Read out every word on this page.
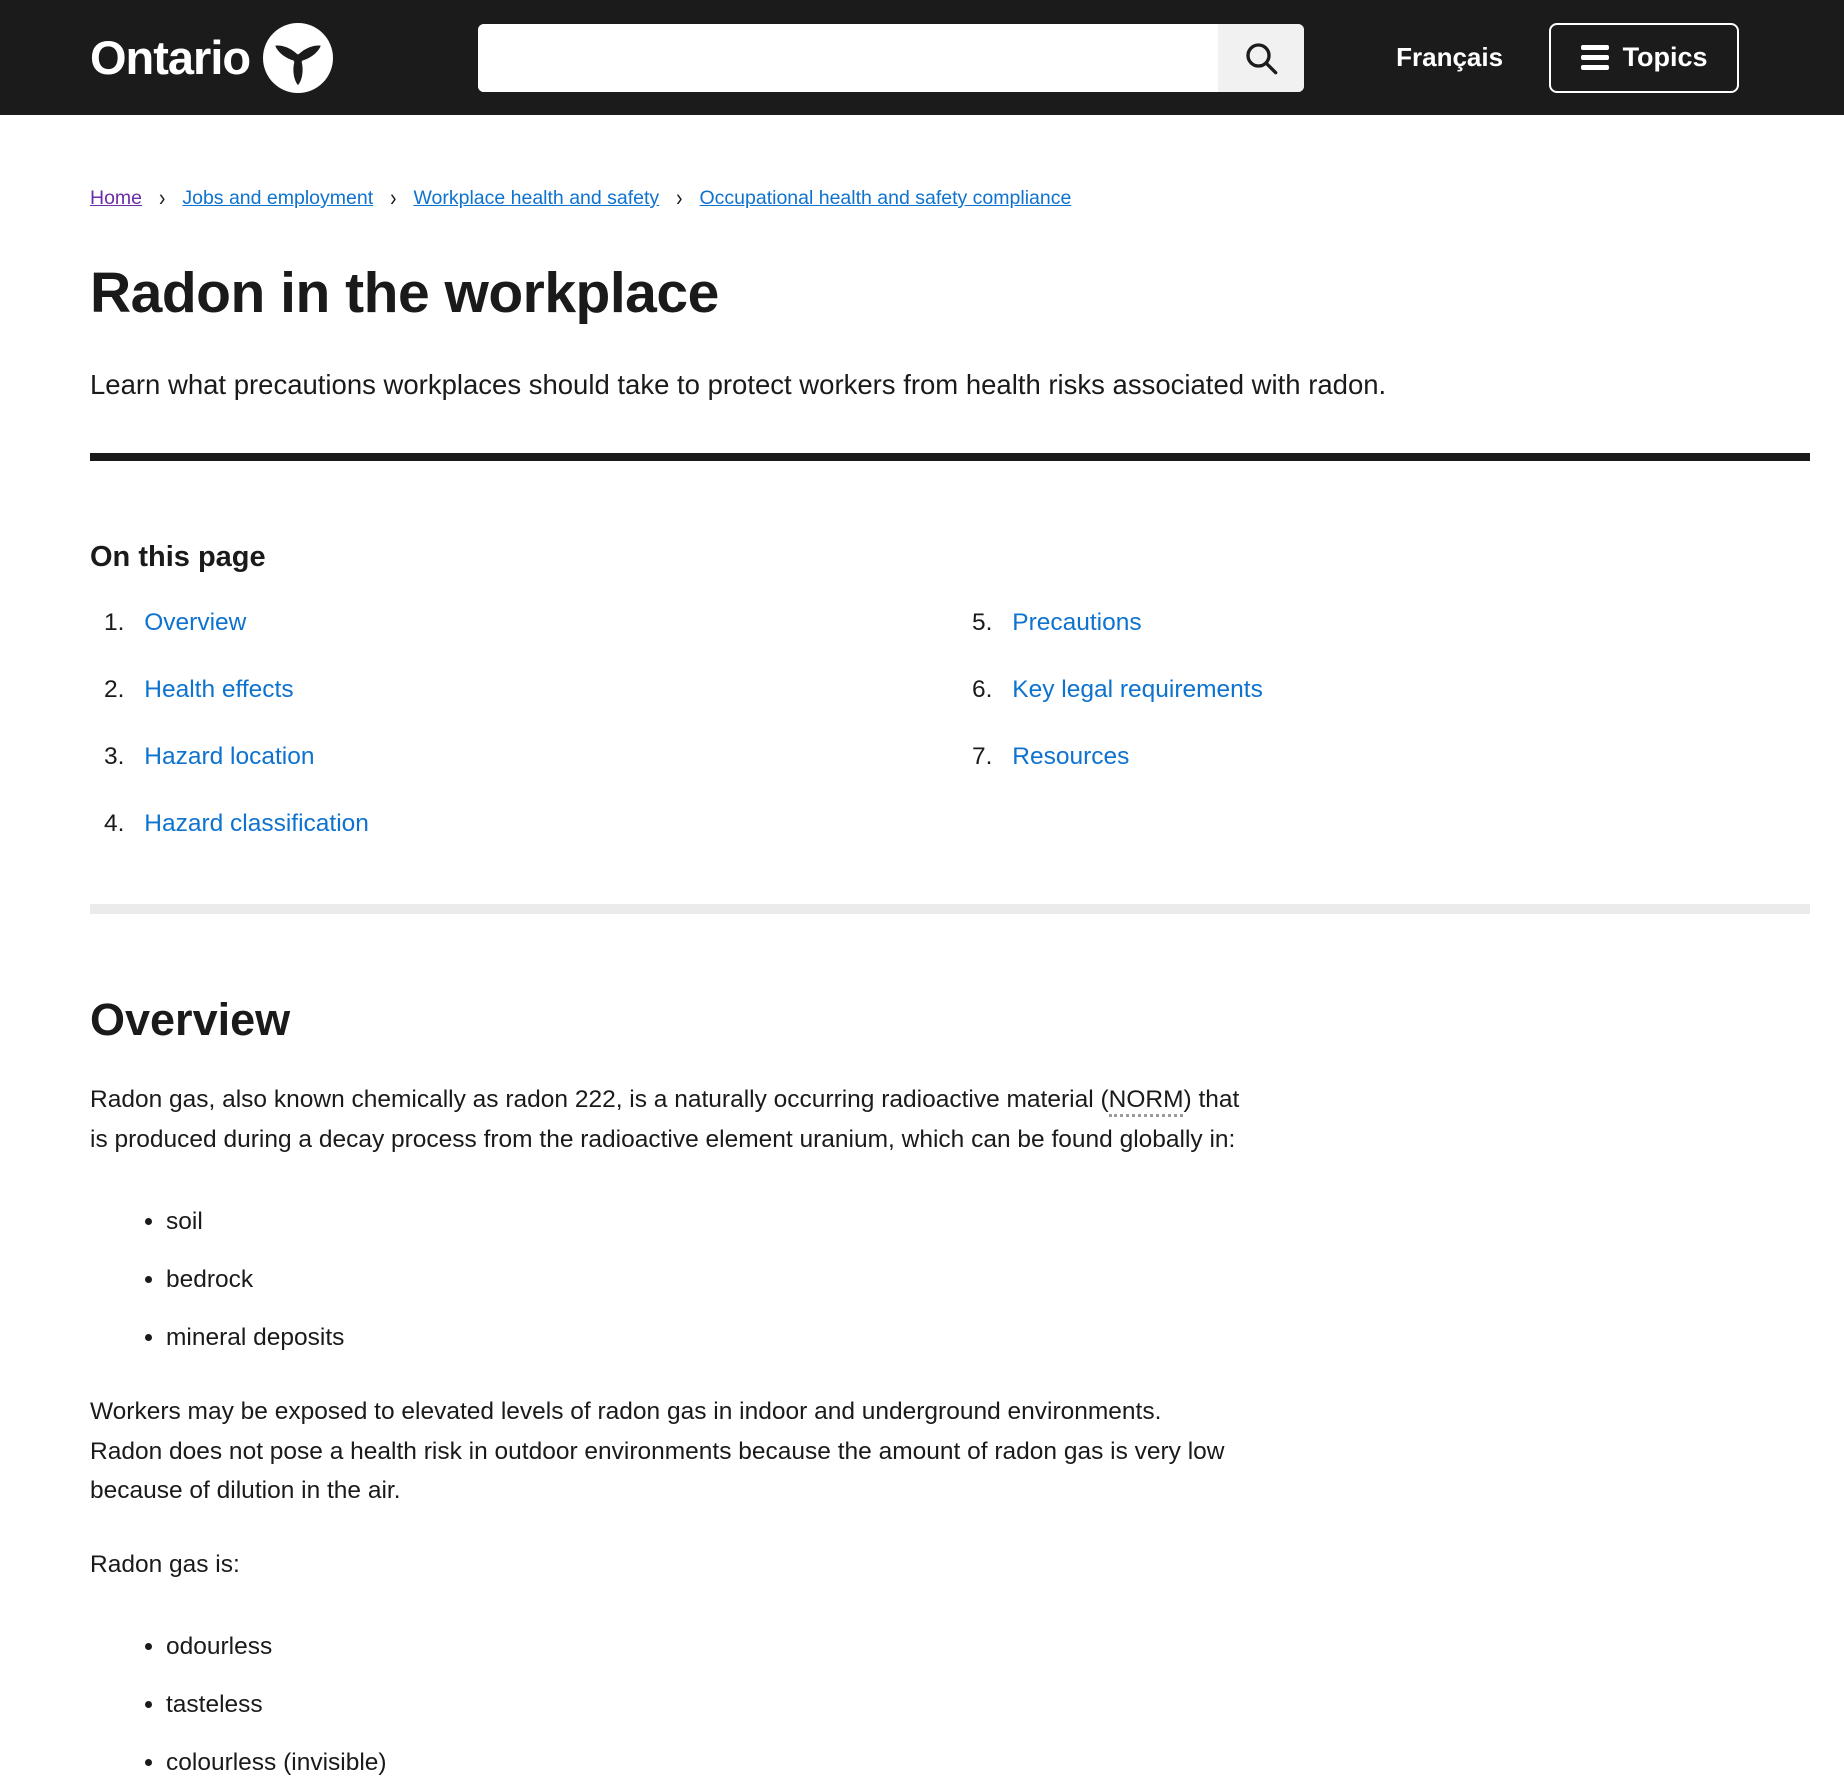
Ontario	Français	Topics
Home › Jobs and employment › Workplace health and safety › Occupational health and safety compliance
Radon in the workplace

Learn what precautions workplaces should take to protect workers from health risks associated with radon.

On this page
1. Overview
2. Health effects
3. Hazard location
4. Hazard classification
5. Precautions
6. Key legal requirements
7. Resources
Overview

Radon gas, also known chemically as radon 222, is a naturally occurring radioactive material (NORM) that is produced during a decay process from the radioactive element uranium, which can be found globally in:

• soil
• bedrock
• mineral deposits

Workers may be exposed to elevated levels of radon gas in indoor and underground environments. Radon does not pose a health risk in outdoor environments because the amount of radon gas is very low because of dilution in the air.

Radon gas is:

• odourless
• tasteless
• colourless (invisible)
